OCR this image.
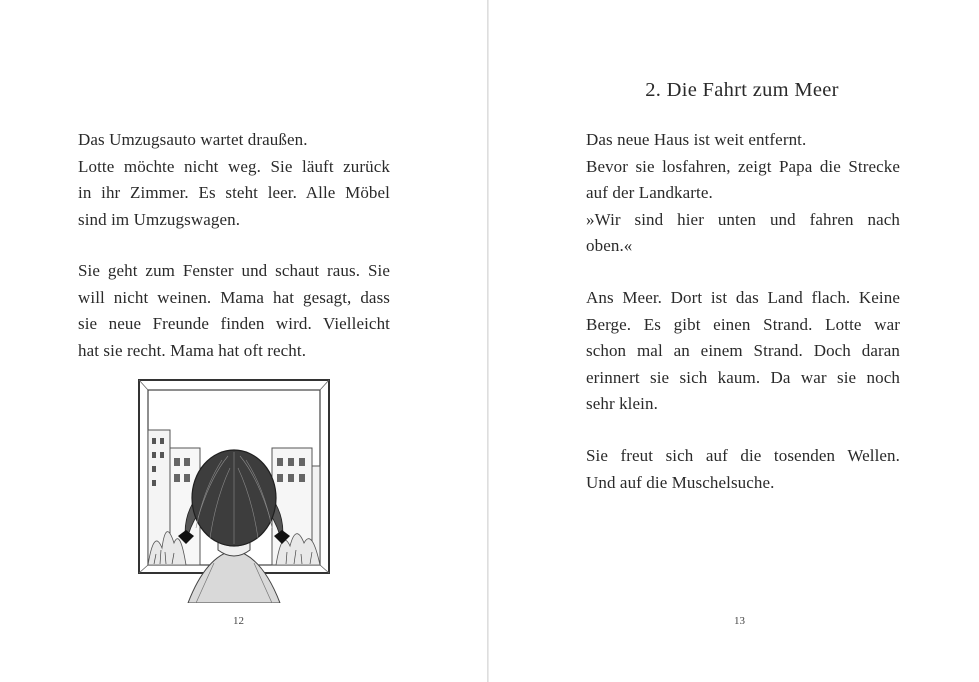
Das Umzugsauto wartet draußen.
Lotte möchte nicht weg. Sie läuft zurück
in ihr Zimmer. Es steht leer. Alle Möbel
sind im Umzugswagen.

Sie geht zum Fenster und schaut raus. Sie
will nicht weinen. Mama hat gesagt, dass
sie neue Freunde finden wird. Vielleicht
hat sie recht. Mama hat oft recht.

12
2. Die Fahrt zum Meer

Das neue Haus ist weit entfernt.
Bevor sie losfahren, zeigt Papa die Strecke
auf der Landkarte.
»Wir sind hier unten und fahren nach
oben.«

Ans Meer. Dort ist das Land flach. Keine
Berge. Es gibt einen Strand. Lotte war
schon mal an einem Strand. Doch daran
erinnert sie sich kaum. Da war sie noch
sehr klein.

Sie freut sich auf die tosenden Wellen.
Und auf die Muschelsuche.

13
